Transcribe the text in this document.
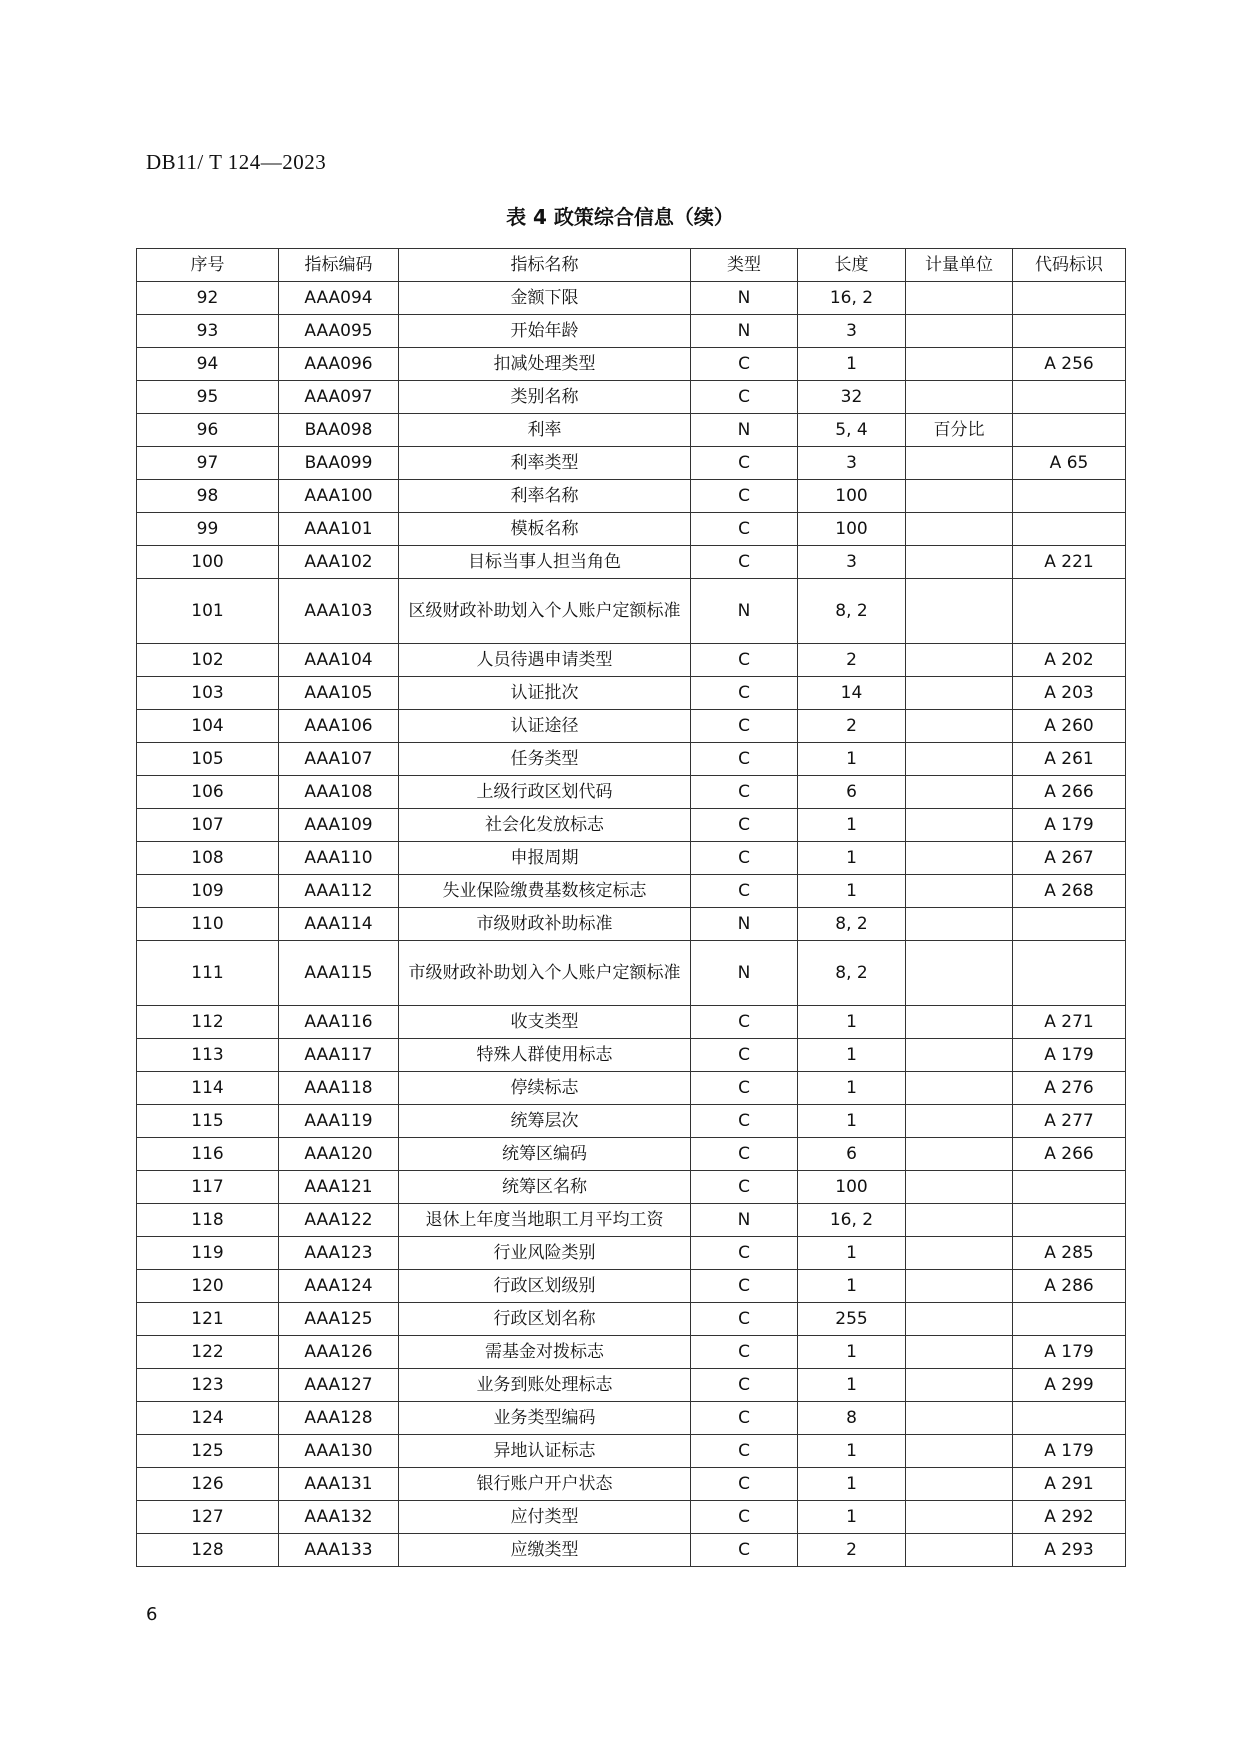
DB11/ T 124—2023
表 4 政策综合信息（续）
序号	指标编码	指标名称	类型	长度	计量单位	代码标识
92	AAA094	金额下限	N	16, 2		
93	AAA095	开始年龄	N	3		
94	AAA096	扣减处理类型	C	1		A 256
95	AAA097	类别名称	C	32		
96	BAA098	利率	N	5, 4	百分比	
97	BAA099	利率类型	C	3		A 65
98	AAA100	利率名称	C	100		
99	AAA101	模板名称	C	100		
100	AAA102	目标当事人担当角色	C	3		A 221
101	AAA103	区级财政补助划入个人账户定额标准	N	8, 2		
102	AAA104	人员待遇申请类型	C	2		A 202
103	AAA105	认证批次	C	14		A 203
104	AAA106	认证途径	C	2		A 260
105	AAA107	任务类型	C	1		A 261
106	AAA108	上级行政区划代码	C	6		A 266
107	AAA109	社会化发放标志	C	1		A 179
108	AAA110	申报周期	C	1		A 267
109	AAA112	失业保险缴费基数核定标志	C	1		A 268
110	AAA114	市级财政补助标准	N	8, 2		
111	AAA115	市级财政补助划入个人账户定额标准	N	8, 2		
112	AAA116	收支类型	C	1		A 271
113	AAA117	特殊人群使用标志	C	1		A 179
114	AAA118	停续标志	C	1		A 276
115	AAA119	统筹层次	C	1		A 277
116	AAA120	统筹区编码	C	6		A 266
117	AAA121	统筹区名称	C	100		
118	AAA122	退休上年度当地职工月平均工资	N	16, 2		
119	AAA123	行业风险类别	C	1		A 285
120	AAA124	行政区划级别	C	1		A 286
121	AAA125	行政区划名称	C	255		
122	AAA126	需基金对拨标志	C	1		A 179
123	AAA127	业务到账处理标志	C	1		A 299
124	AAA128	业务类型编码	C	8		
125	AAA130	异地认证标志	C	1		A 179
126	AAA131	银行账户开户状态	C	1		A 291
127	AAA132	应付类型	C	1		A 292
128	AAA133	应缴类型	C	2		A 293
6
